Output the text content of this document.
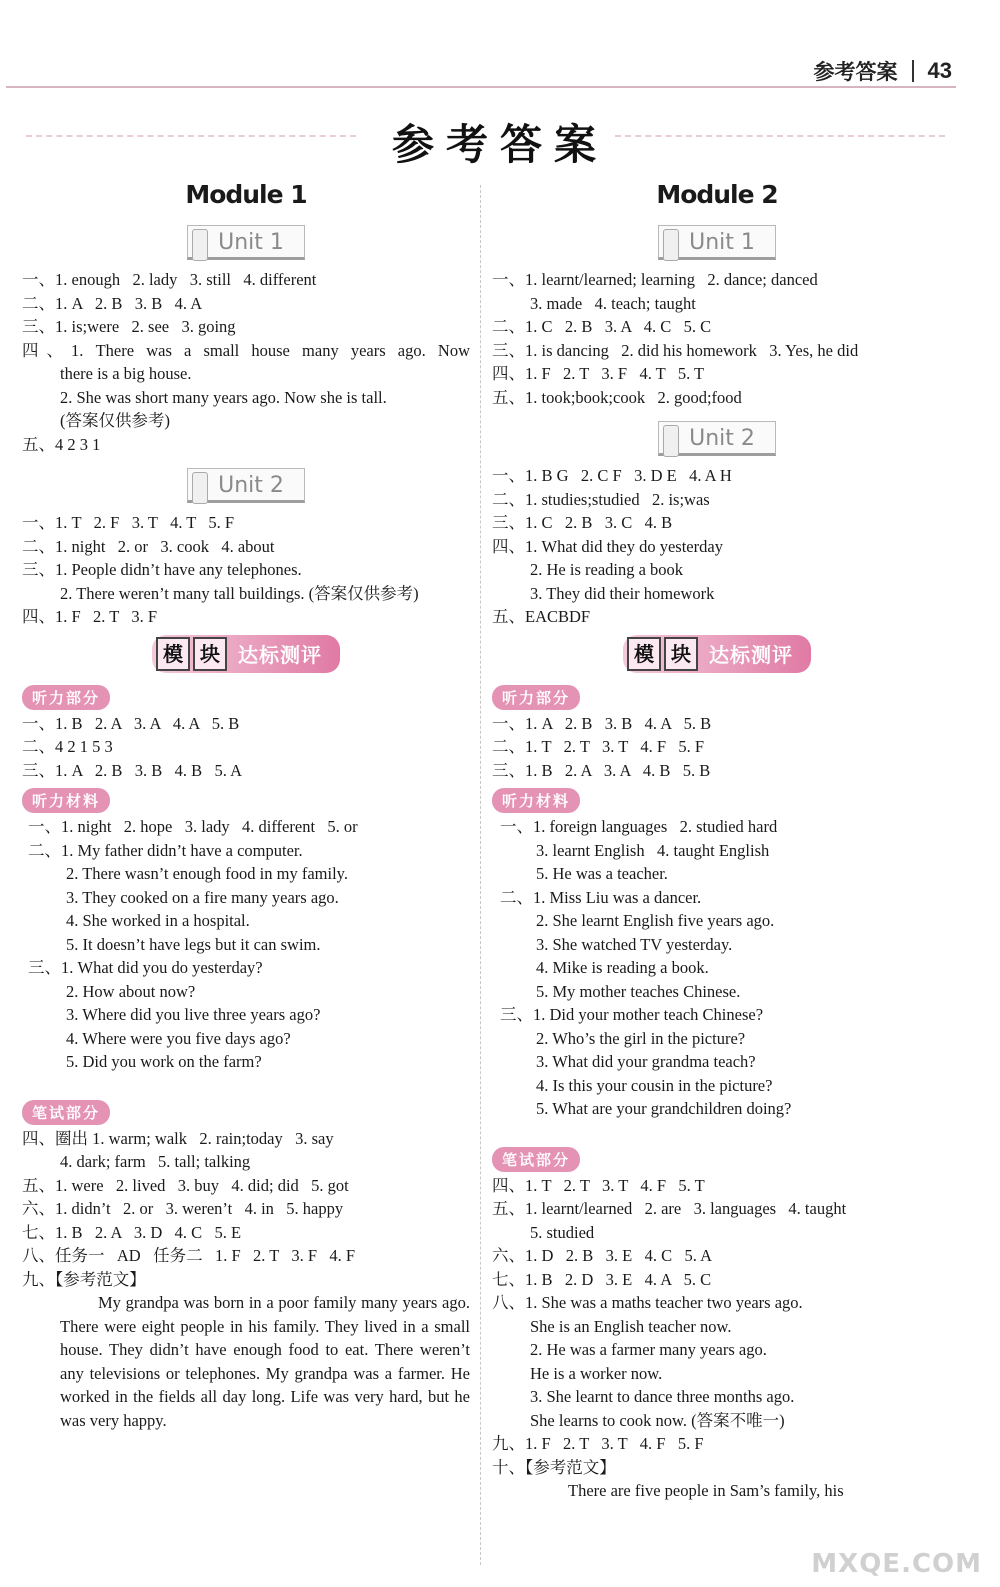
参考答案 43
参考答案
Module 1
Unit 1
一、1. enough   2. lady   3. still   4. different
二、1. A   2. B   3. B   4. A
三、1. is;were   2. see   3. going
四、1. There was a small house many years ago. Now
there is a big house.
2. She was short many years ago. Now she is tall.
(答案仅供参考)
五、4 2 3 1
Unit 2
一、1. T   2. F   3. T   4. T   5. F
二、1. night   2. or   3. cook   4. about
三、1. People didn’t have any telephones.
2. There weren’t many tall buildings. (答案仅供参考)
四、1. F   2. T   3. F
模 块 达标测评
听力部分
一、1. B   2. A   3. A   4. A   5. B
二、4 2 1 5 3
三、1. A   2. B   3. B   4. B   5. A
听力材料
一、1. night   2. hope   3. lady   4. different   5. or
二、1. My father didn’t have a computer.
2. There wasn’t enough food in my family.
3. They cooked on a fire many years ago.
4. She worked in a hospital.
5. It doesn’t have legs but it can swim.
三、1. What did you do yesterday?
2. How about now?
3. Where did you live three years ago?
4. Where were you five days ago?
5. Did you work on the farm?
笔试部分
四、圈出 1. warm; walk   2. rain;today   3. say
4. dark; farm   5. tall; talking
五、1. were   2. lived   3. buy   4. did; did   5. got
六、1. didn’t   2. or   3. weren’t   4. in   5. happy
七、1. B   2. A   3. D   4. C   5. E
八、任务一   AD   任务二   1. F   2. T   3. F   4. F
九、【参考范文】
My grandpa was born in a poor family many years ago. There were eight people in his family. They lived in a small house. They didn’t have enough food to eat. There weren’t any televisions or telephones. My grandpa was a farmer. He worked in the fields all day long. Life was very hard, but he was very happy.
Module 2
Unit 1
一、1. learnt/learned; learning   2. dance; danced
3. made   4. teach; taught
二、1. C   2. B   3. A   4. C   5. C
三、1. is dancing   2. did his homework   3. Yes, he did
四、1. F   2. T   3. F   4. T   5. T
五、1. took;book;cook   2. good;food
Unit 2
一、1. B G   2. C F   3. D E   4. A H
二、1. studies;studied   2. is;was
三、1. C   2. B   3. C   4. B
四、1. What did they do yesterday
2. He is reading a book
3. They did their homework
五、EACBDF
模 块 达标测评
听力部分
一、1. A   2. B   3. B   4. A   5. B
二、1. T   2. T   3. T   4. F   5. F
三、1. B   2. A   3. A   4. B   5. B
听力材料
一、1. foreign languages   2. studied hard
3. learnt English   4. taught English
5. He was a teacher.
二、1. Miss Liu was a dancer.
2. She learnt English five years ago.
3. She watched TV yesterday.
4. Mike is reading a book.
5. My mother teaches Chinese.
三、1. Did your mother teach Chinese?
2. Who’s the girl in the picture?
3. What did your grandma teach?
4. Is this your cousin in the picture?
5. What are your grandchildren doing?
笔试部分
四、1. T   2. T   3. T   4. F   5. T
五、1. learnt/learned   2. are   3. languages   4. taught
5. studied
六、1. D   2. B   3. E   4. C   5. A
七、1. B   2. D   3. E   4. A   5. C
八、1. She was a maths teacher two years ago.
She is an English teacher now.
2. He was a farmer many years ago.
He is a worker now.
3. She learnt to dance three months ago.
She learns to cook now. (答案不唯一)
九、1. F   2. T   3. T   4. F   5. F
十、【参考范文】
There are five people in Sam’s family, his
MXQE.COM
